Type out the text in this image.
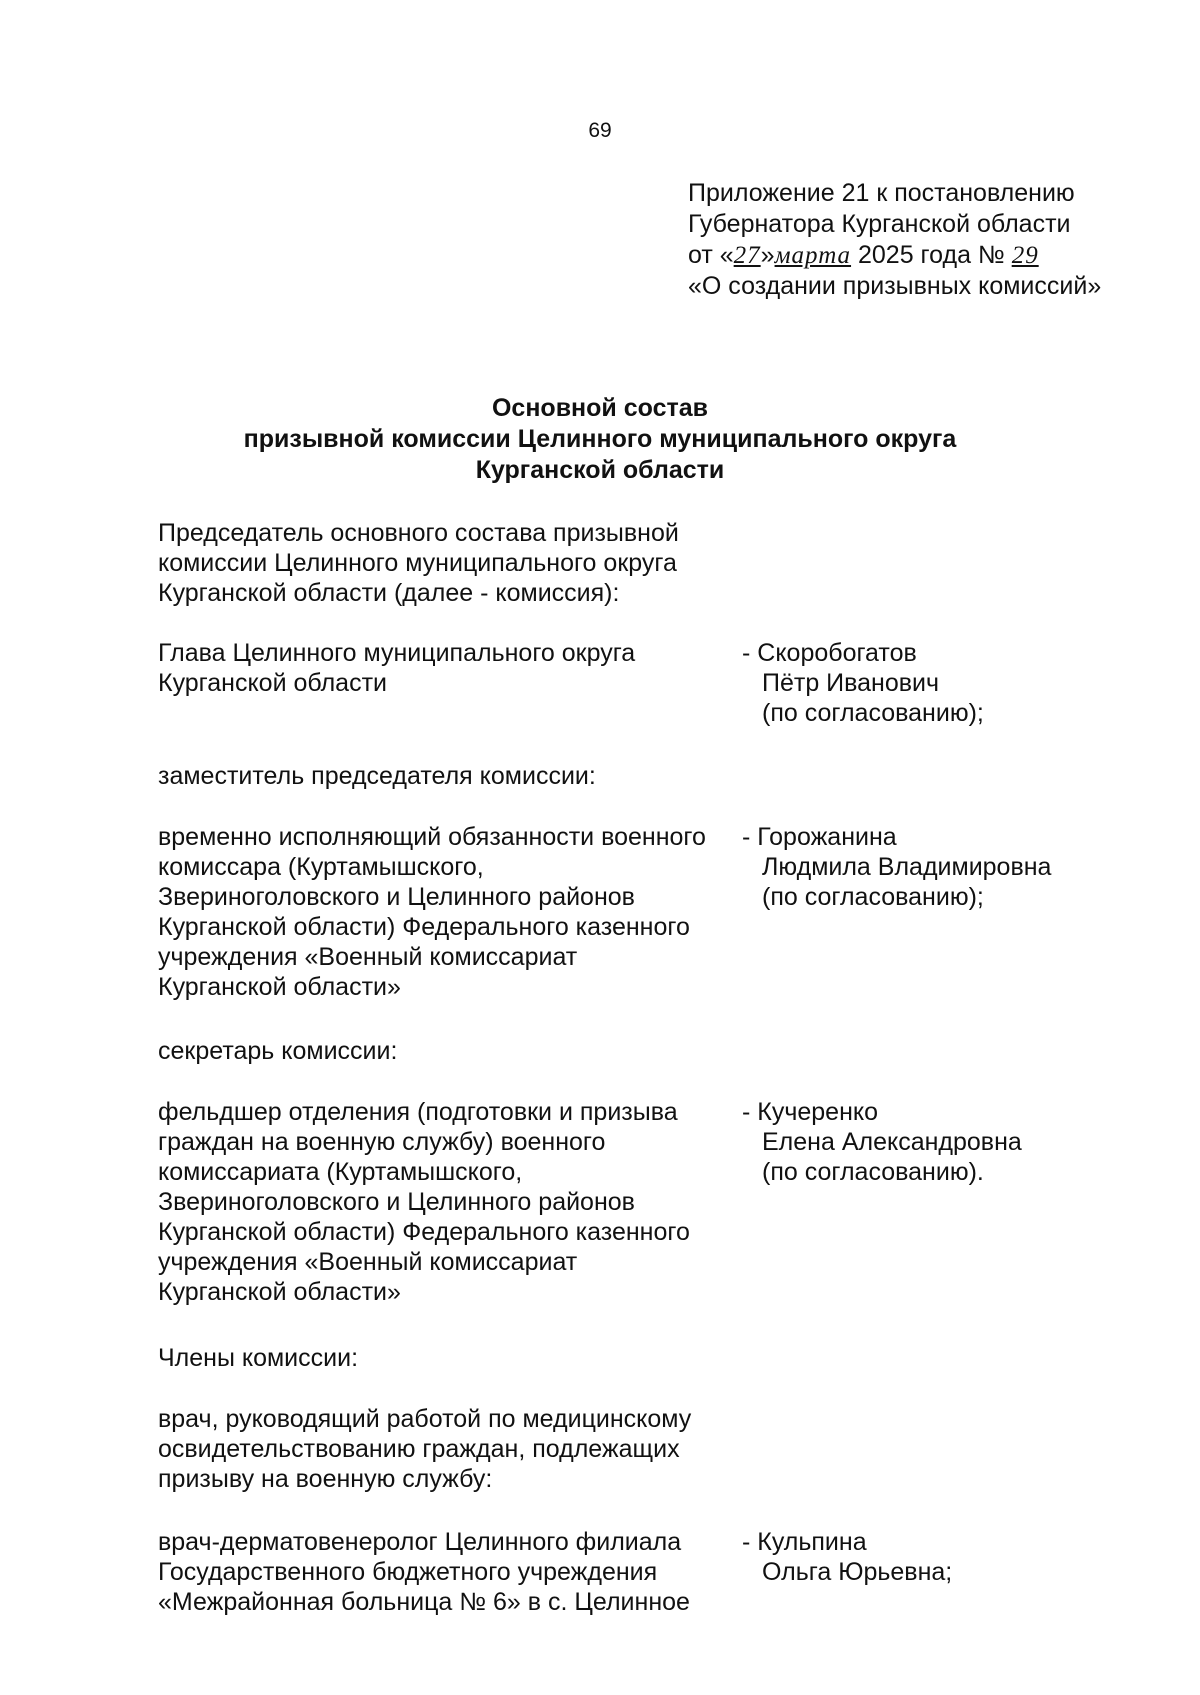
69
Приложение 21 к постановлению
Губернатора Курганской области
от «27»марта 2025 года № 29
«О создании призывных комиссий»
Основной состав
призывной комиссии Целинного муниципального округа
Курганской области
Председатель основного состава призывной
комиссии Целинного муниципального округа
Курганской области (далее - комиссия):
Глава Целинного муниципального округа
Курганской области
- Скоробогатов
Пётр Иванович
(по согласованию);
заместитель председателя комиссии:
временно исполняющий обязанности военного
комиссара (Куртамышского,
Звериноголовского и Целинного районов
Курганской области) Федерального казенного
учреждения «Военный комиссариат
Курганской области»
- Горожанина
Людмила Владимировна
(по согласованию);
секретарь комиссии:
фельдшер отделения (подготовки и призыва
граждан на военную службу) военного
комиссариата (Куртамышского,
Звериноголовского и Целинного районов
Курганской области) Федерального казенного
учреждения «Военный комиссариат
Курганской области»
- Кучеренко
Елена Александровна
(по согласованию).
Члены комиссии:
врач, руководящий работой по медицинскому
освидетельствованию граждан, подлежащих
призыву на военную службу:
врач-дерматовенеролог Целинного филиала
Государственного бюджетного учреждения
«Межрайонная больница № 6» в с. Целинное
- Кульпина
Ольга Юрьевна;
